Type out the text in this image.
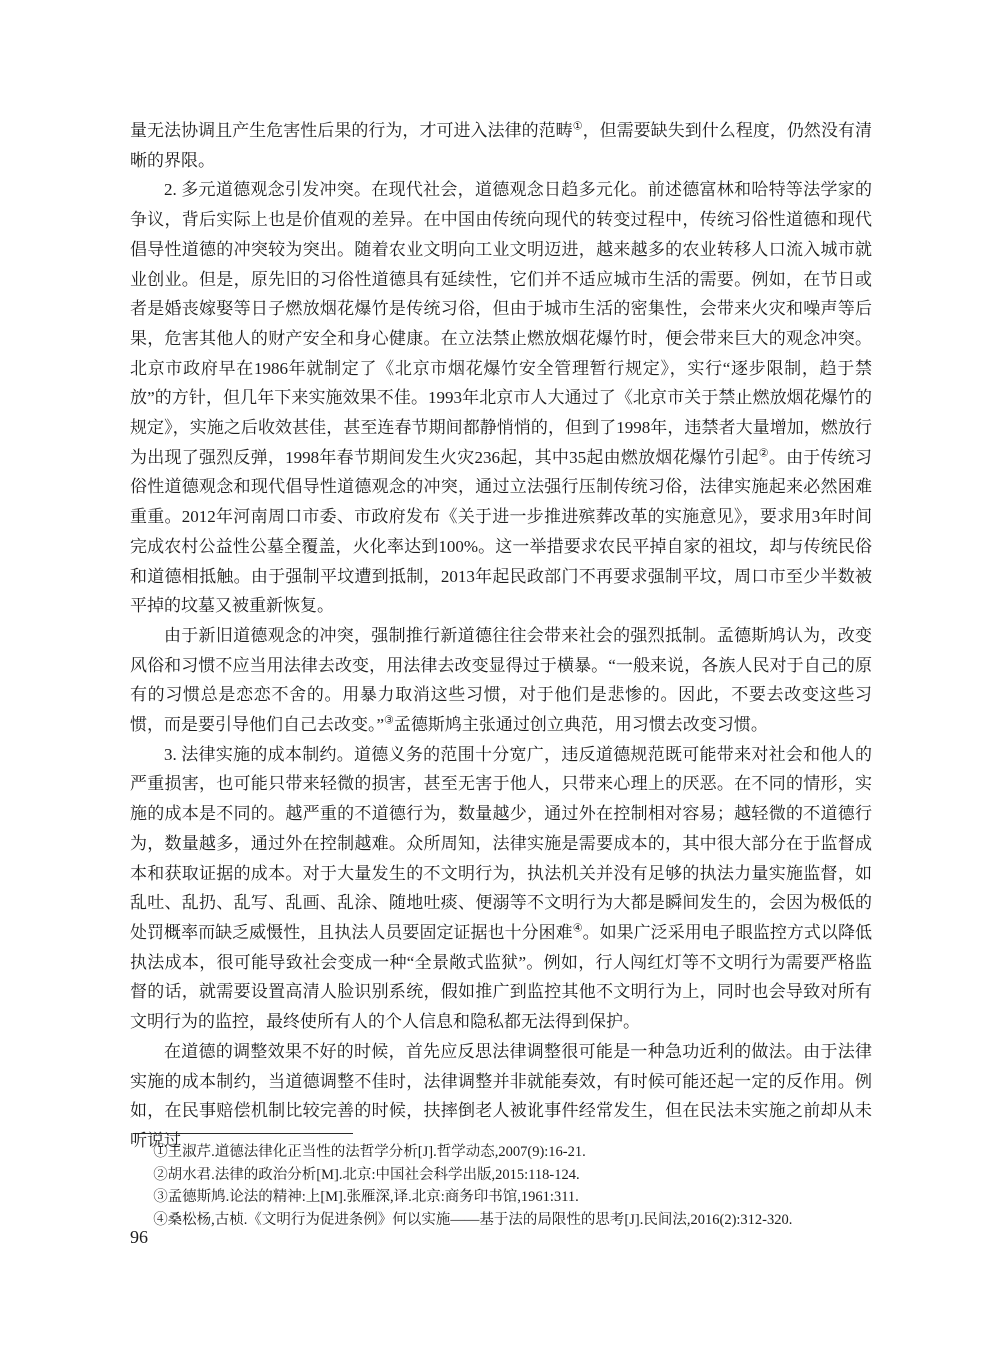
量无法协调且产生危害性后果的行为，才可进入法律的范畴①，但需要缺失到什么程度，仍然没有清晰的界限。

2. 多元道德观念引发冲突。在现代社会，道德观念日趋多元化。前述德富林和哈特等法学家的争议，背后实际上也是价值观的差异。在中国由传统向现代的转变过程中，传统习俗性道德和现代倡导性道德的冲突较为突出。随着农业文明向工业文明迈进，越来越多的农业转移人口流入城市就业创业。但是，原先旧的习俗性道德具有延续性，它们并不适应城市生活的需要。例如，在节日或者是婚丧嫁娶等日子燃放烟花爆竹是传统习俗，但由于城市生活的密集性，会带来火灾和噪声等后果，危害其他人的财产安全和身心健康。在立法禁止燃放烟花爆竹时，便会带来巨大的观念冲突。北京市政府早在1986年就制定了《北京市烟花爆竹安全管理暂行规定》，实行“逐步限制，趋于禁放”的方针，但几年下来实施效果不佳。1993年北京市人大通过了《北京市关于禁止燃放烟花爆竹的规定》，实施之后收效甚佳，甚至连春节期间都静悄悄的，但到了1998年，违禁者大量增加，燃放行为出现了强烈反弹，1998年春节期间发生火灾236起，其中35起由燃放烟花爆竹引起②。由于传统习俗性道德观念和现代倡导性道德观念的冲突，通过立法强行压制传统习俗，法律实施起来必然困难重重。2012年河南周口市委、市政府发布《关于进一步推进殡葬改革的实施意见》，要求用3年时间完成农村公益性公墓全覆盖，火化率达到100%。这一举措要求农民平掉自家的祖坟，却与传统民俗和道德相抵触。由于强制平坟遭到抵制，2013年起民政部门不再要求强制平坟，周口市至少半数被平掉的坟墓又被重新恢复。

由于新旧道德观念的冲突，强制推行新道德往往会带来社会的强烈抵制。孟德斯鸠认为，改变风俗和习惯不应当用法律去改变，用法律去改变显得过于横暴。“一般来说，各族人民对于自己的原有的习惯总是恋恋不舍的。用暴力取消这些习惯，对于他们是悲惨的。因此，不要去改变这些习惯，而是要引导他们自己去改变。”③孟德斯鸠主张通过创立典范，用习惯去改变习惯。

3. 法律实施的成本制约。道德义务的范围十分宽广，违反道德规范既可能带来对社会和他人的严重损害，也可能只带来轻微的损害，甚至无害于他人，只带来心理上的厌恶。在不同的情形，实施的成本是不同的。越严重的不道德行为，数量越少，通过外在控制相对容易；越轻微的不道德行为，数量越多，通过外在控制越难。众所周知，法律实施是需要成本的，其中很大部分在于监督成本和获取证据的成本。对于大量发生的不文明行为，执法机关并没有足够的执法力量实施监督，如乱吐、乱扔、乱写、乱画、乱涂、随地吐痰、便溺等不文明行为大都是瞬间发生的，会因为极低的处罚概率而缺乏威慑性，且执法人员要固定证据也十分困难④。如果广泛采用电子眼监控方式以降低执法成本，很可能导致社会变成一种“全景敞式监狱”。例如，行人闯红灯等不文明行为需要严格监督的话，就需要设置高清人脸识别系统，假如推广到监控其他不文明行为上，同时也会导致对所有文明行为的监控，最终使所有人的个人信息和隐私都无法得到保护。

在道德的调整效果不好的时候，首先应反思法律调整很可能是一种急功近利的做法。由于法律实施的成本制约，当道德调整不佳时，法律调整并非就能奏效，有时候可能还起一定的反作用。例如，在民事赔偿机制比较完善的时候，扶摔倒老人被讹事件经常发生，但在民法未实施之前却从未听说过

①王淑芹.道德法律化正当性的法哲学分析[J].哲学动态,2007(9):16-21.

②胡水君.法律的政治分析[M].北京:中国社会科学出版,2015:118-124.

③孟德斯鸠.论法的精神:上[M].张雁深,译.北京:商务印书馆,1961:311.

④桑松杨,古桢.《文明行为促进条例》何以实施——基于法的局限性的思考[J].民间法,2016(2):312-320.

96
